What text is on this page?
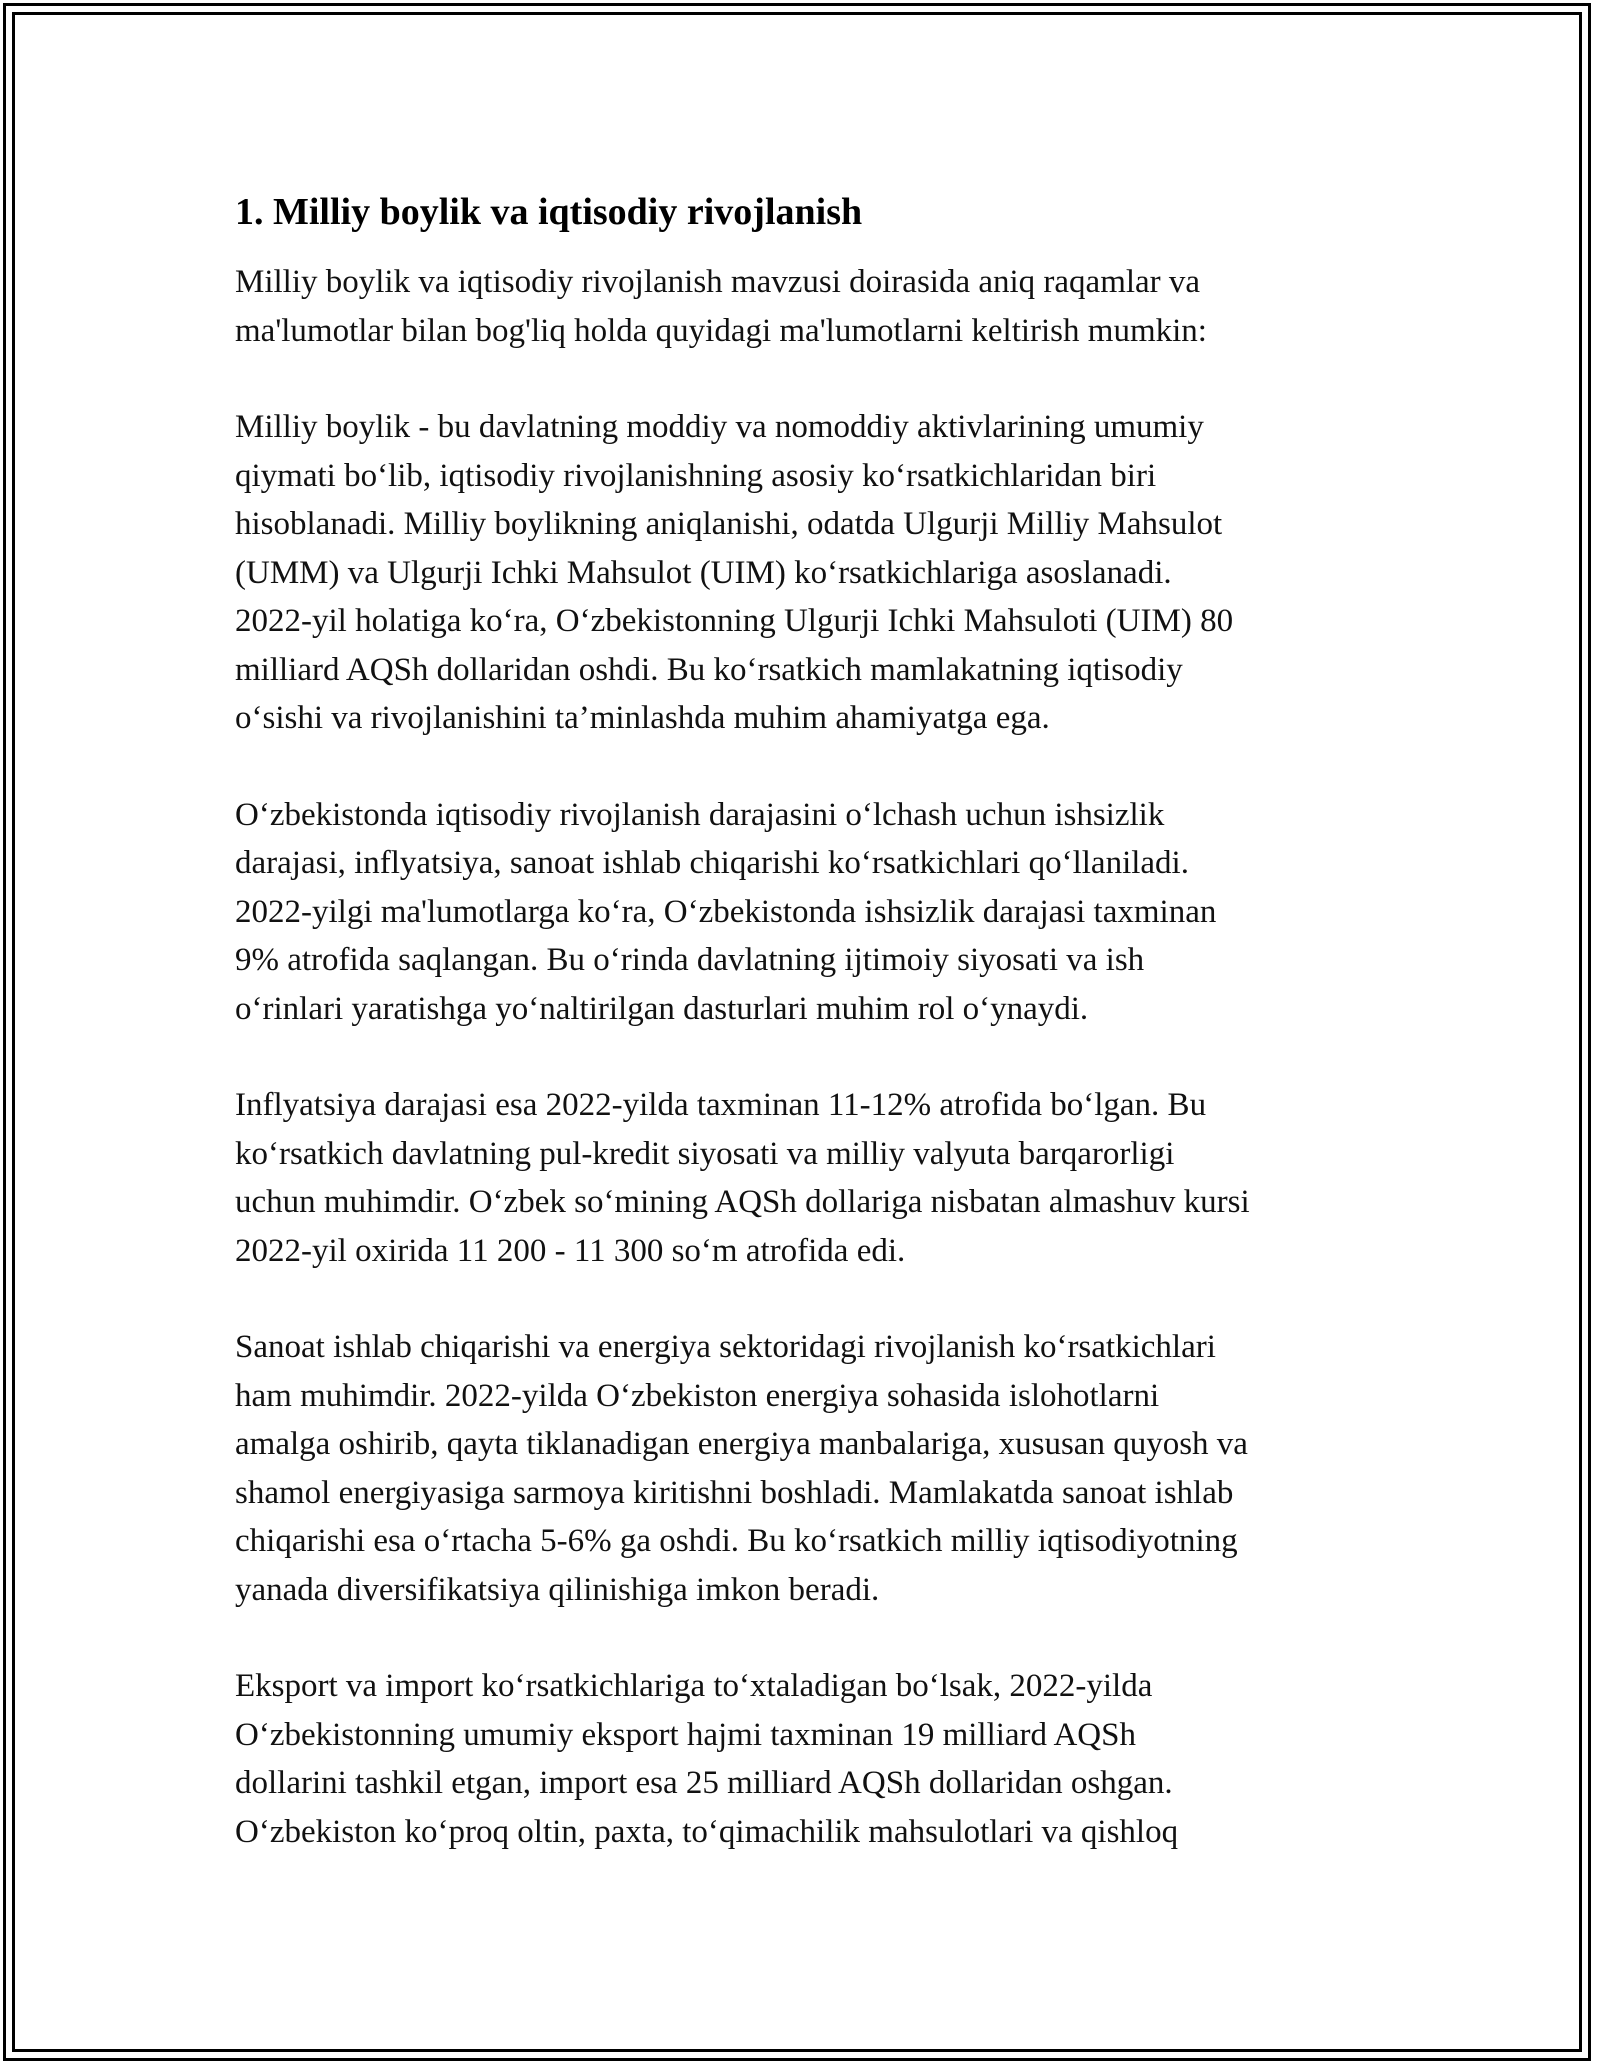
1. Milliy boylik va iqtisodiy rivojlanish
Milliy boylik va iqtisodiy rivojlanish mavzusi doirasida aniq raqamlar va
ma'lumotlar bilan bog'liq holda quyidagi ma'lumotlarni keltirish mumkin:
Milliy boylik - bu davlatning moddiy va nomoddiy aktivlarining umumiy
qiymati boʻlib, iqtisodiy rivojlanishning asosiy koʻrsatkichlaridan biri
hisoblanadi. Milliy boylikning aniqlanishi, odatda Ulgurji Milliy Mahsulot
(UMM) va Ulgurji Ichki Mahsulot (UIM) koʻrsatkichlariga asoslanadi.
2022-yil holatiga koʻra, Oʻzbekistonning Ulgurji Ichki Mahsuloti (UIM) 80
milliard AQSh dollaridan oshdi. Bu koʻrsatkich mamlakatning iqtisodiy
oʻsishi va rivojlanishini ta’minlashda muhim ahamiyatga ega.
Oʻzbekistonda iqtisodiy rivojlanish darajasini oʻlchash uchun ishsizlik
darajasi, inflyatsiya, sanoat ishlab chiqarishi koʻrsatkichlari qoʻllaniladi.
2022-yilgi ma'lumotlarga koʻra, Oʻzbekistonda ishsizlik darajasi taxminan
9% atrofida saqlangan. Bu oʻrinda davlatning ijtimoiy siyosati va ish
oʻrinlari yaratishga yoʻnaltirilgan dasturlari muhim rol oʻynaydi.
Inflyatsiya darajasi esa 2022-yilda taxminan 11-12% atrofida boʻlgan. Bu
koʻrsatkich davlatning pul-kredit siyosati va milliy valyuta barqarorligi
uchun muhimdir. Oʻzbek soʻmining AQSh dollariga nisbatan almashuv kursi
2022-yil oxirida 11 200 - 11 300 soʻm atrofida edi.
Sanoat ishlab chiqarishi va energiya sektoridagi rivojlanish koʻrsatkichlari
ham muhimdir. 2022-yilda Oʻzbekiston energiya sohasida islohotlarni
amalga oshirib, qayta tiklanadigan energiya manbalariga, xususan quyosh va
shamol energiyasiga sarmoya kiritishni boshladi. Mamlakatda sanoat ishlab
chiqarishi esa oʻrtacha 5-6% ga oshdi. Bu koʻrsatkich milliy iqtisodiyotning
yanada diversifikatsiya qilinishiga imkon beradi.
Eksport va import koʻrsatkichlariga toʻxtaladigan boʻlsak, 2022-yilda
Oʻzbekistonning umumiy eksport hajmi taxminan 19 milliard AQSh
dollarini tashkil etgan, import esa 25 milliard AQSh dollaridan oshgan.
Oʻzbekiston koʻproq oltin, paxta, toʻqimachilik mahsulotlari va qishloq
